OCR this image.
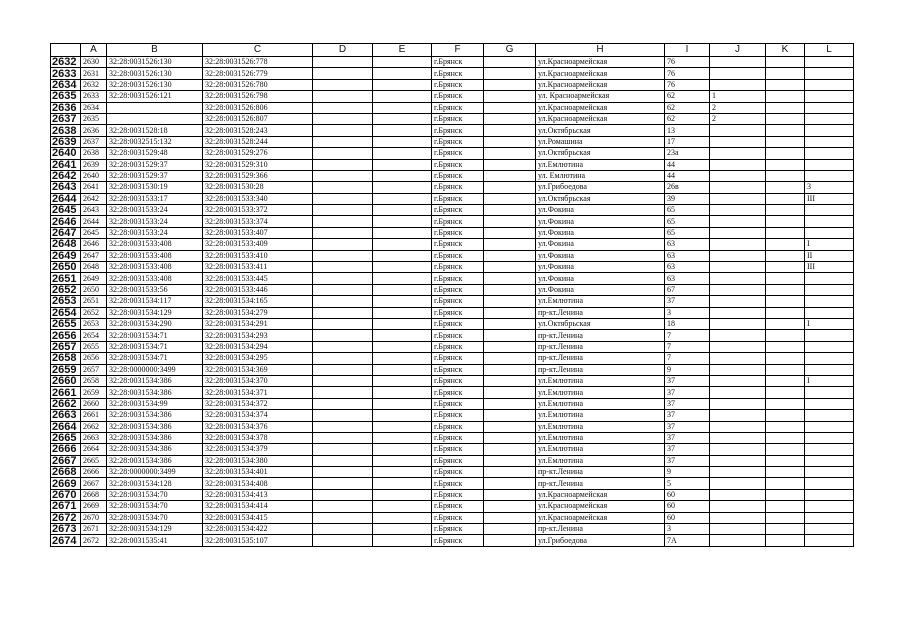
	A	B	C	D	E	F	G	H	I	J	K	L
2632	2630	32:28:0031526:130	32:28:0031526:778			г.Брянск		ул.Красноармейская	76			
2633	2631	32:28:0031526:130	32:28:0031526:779			г.Брянск		ул.Красноармейская	76			
2634	2632	32:28:0031526:130	32:28:0031526:780			г.Брянск		ул.Красноармейская	76			
2635	2633	32:28:0031526:121	32:28:0031526:798			г.Брянск		ул. Красноармейская	62	1		
2636	2634		32:28:0031526:806			г.Брянск		ул.Красноармейская	62	2		
2637	2635		32:28:0031526:807			г.Брянск		ул.Красноармейская	62	2		
2638	2636	32:28:0031528:18	32:28:0031528:243			г.Брянск		ул.Октябрьская	13			
2639	2637	32:28:0032515:132	32:28:0031528:244			г.Брянск		ул.Ромашина	17			
2640	2638	32:28:0031529:48	32:28:0031529:276			г.Брянск		ул.Октябрьская	23а			
2641	2639	32:28:0031529:37	32:28:0031529:310			г.Брянск		ул.Емлютина	44			
2642	2640	32:28:0031529:37	32:28:0031529:366			г.Брянск		ул. Емлютина	44			
2643	2641	32:28:0031530:19	32:28:0031530:28			г.Брянск		ул.Грибоедова	26в			3
2644	2642	32:28:0031533:17	32:28:0031533:340			г.Брянск		ул.Октябрьская	39			III
2645	2643	32:28:0031533:24	32:28:0031533:372			г.Брянск		ул.Фокина	65			
2646	2644	32:28:0031533:24	32:28:0031533:374			г.Брянск		ул.Фокина	65			
2647	2645	32:28:0031533:24	32:28:0031533:407			г.Брянск		ул.Фокина	65			
2648	2646	32:28:0031533:408	32:28:0031533:409			г.Брянск		ул.Фокина	63			I
2649	2647	32:28:0031533:408	32:28:0031533:410			г.Брянск		ул.Фокина	63			II
2650	2648	32:28:0031533:408	32:28:0031533:411			г.Брянск		ул.Фокина	63			III
2651	2649	32:28:0031533:408	32:28:0031533:445			г.Брянск		ул.Фокина	63			
2652	2650	32:28:0031533:56	32:28:0031533:446			г.Брянск		ул.Фокина	67			
2653	2651	32:28:0031534:117	32:28:0031534:165			г.Брянск		ул.Емлютина	37			
2654	2652	32:28:0031534:129	32:28:0031534:279			г.Брянск		пр-кт.Ленина	3			
2655	2653	32:28:0031534:290	32:28:0031534:291			г.Брянск		ул.Октябрьская	18			I
2656	2654	32:28:0031534:71	32:28:0031534:293			г.Брянск		пр-кт.Ленина	7			
2657	2655	32:28:0031534:71	32:28:0031534:294			г.Брянск		пр-кт.Ленина	7			
2658	2656	32:28:0031534:71	32:28:0031534:295			г.Брянск		пр-кт.Ленина	7			
2659	2657	32:28:0000000:3499	32:28:0031534:369			г.Брянск		пр-кт.Ленина	9			
2660	2658	32:28:0031534:386	32:28:0031534:370			г.Брянск		ул.Емлютина	37			I
2661	2659	32:28:0031534:386	32:28:0031534:371			г.Брянск		ул.Емлютина	37			
2662	2660	32:28:0031534:99	32:28:0031534:372			г.Брянск		ул.Емлютина	37			
2663	2661	32:28:0031534:386	32:28:0031534:374			г.Брянск		ул.Емлютина	37			
2664	2662	32:28:0031534:386	32:28:0031534:376			г.Брянск		ул.Емлютина	37			
2665	2663	32:28:0031534:386	32:28:0031534:378			г.Брянск		ул.Емлютина	37			
2666	2664	32:28:0031534:386	32:28:0031534:379			г.Брянск		ул.Емлютина	37			
2667	2665	32:28:0031534:386	32:28:0031534:380			г.Брянск		ул.Емлютина	37			
2668	2666	32:28:0000000:3499	32:28:0031534:401			г.Брянск		пр-кт.Ленина	9			
2669	2667	32:28:0031534:128	32:28:0031534:408			г.Брянск		пр-кт.Ленина	5			
2670	2668	32:28:0031534:70	32:28:0031534:413			г.Брянск		ул.Красноармейская	60			
2671	2669	32:28:0031534:70	32:28:0031534:414			г.Брянск		ул.Красноармейская	60			
2672	2670	32:28:0031534:70	32:28:0031534:415			г.Брянск		ул.Красноармейская	60			
2673	2671	32:28:0031534:129	32:28:0031534:422			г.Брянск		пр-кт.Ленина	3			
2674	2672	32:28:0031535:41	32:28:0031535:107			г.Брянск		ул.Грибоедова	7А			
